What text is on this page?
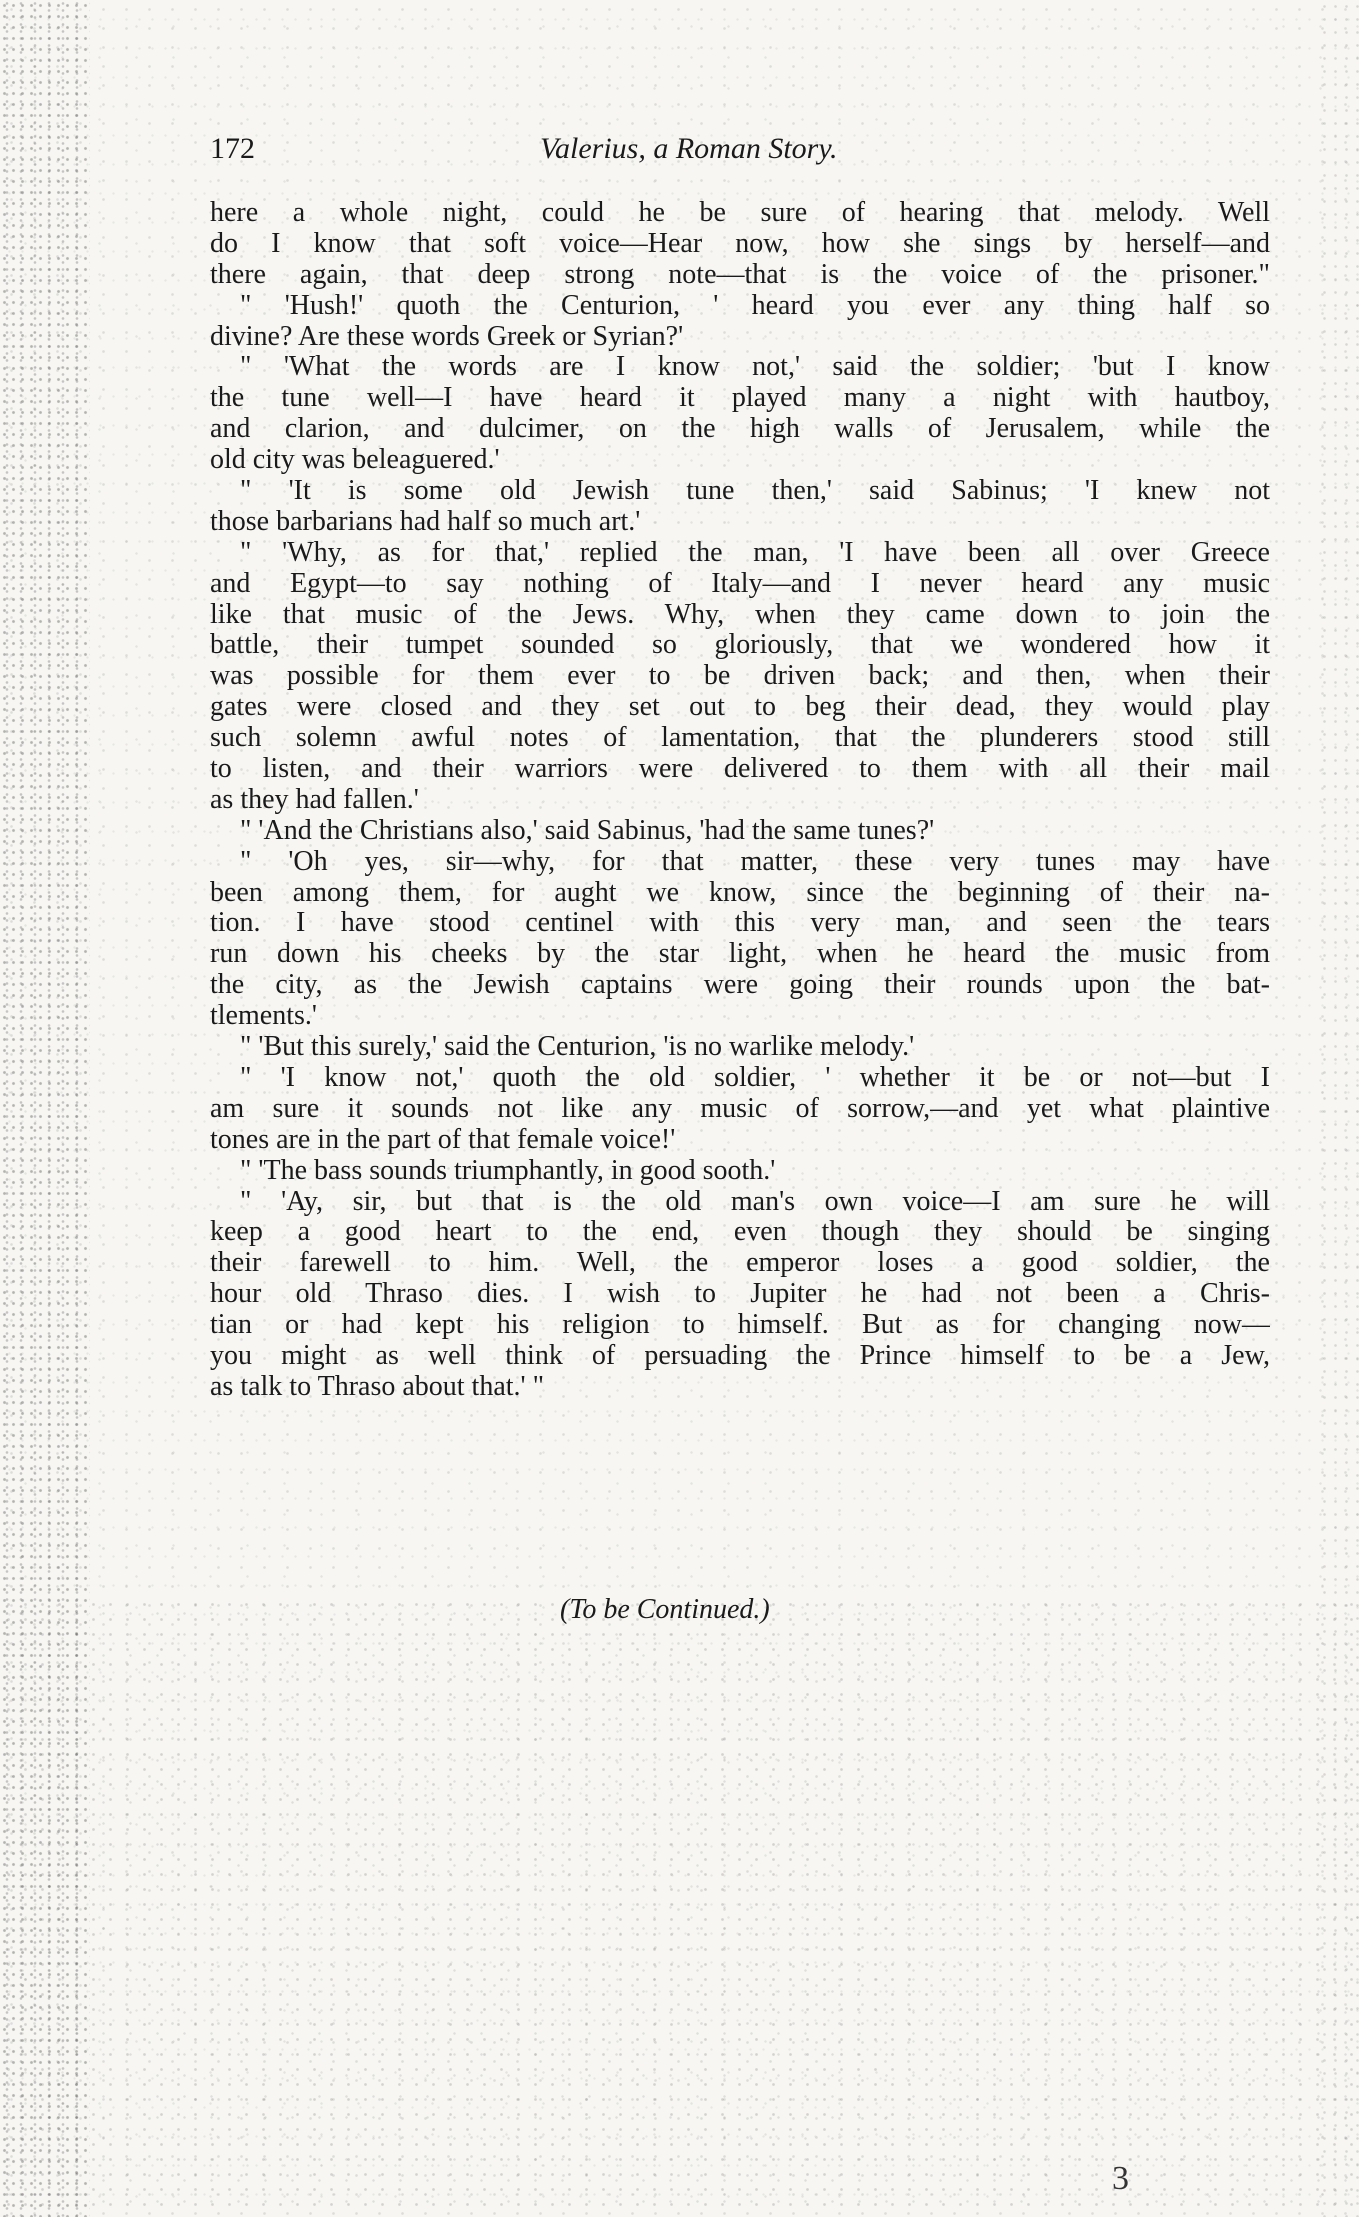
172	Valerius, a Roman Story.
here a whole night, could he be sure of hearing that melody. Well
do I know that soft voice—Hear now, how she sings by herself—and
there again, that deep strong note—that is the voice of the prisoner."
" 'Hush!' quoth the Centurion, ' heard you ever any thing half so
divine? Are these words Greek or Syrian?'
" 'What the words are I know not,' said the soldier; 'but I know
the tune well—I have heard it played many a night with hautboy,
and clarion, and dulcimer, on the high walls of Jerusalem, while the
old city was beleaguered.'
" 'It is some old Jewish tune then,' said Sabinus; 'I knew not
those barbarians had half so much art.'
" 'Why, as for that,' replied the man, 'I have been all over Greece
and Egypt—to say nothing of Italy—and I never heard any music
like that music of the Jews. Why, when they came down to join the
battle, their tumpet sounded so gloriously, that we wondered how it
was possible for them ever to be driven back; and then, when their
gates were closed and they set out to beg their dead, they would play
such solemn awful notes of lamentation, that the plunderers stood still
to listen, and their warriors were delivered to them with all their mail
as they had fallen.'
" 'And the Christians also,' said Sabinus, 'had the same tunes?'
" 'Oh yes, sir—why, for that matter, these very tunes may have
been among them, for aught we know, since the beginning of their na-
tion. I have stood centinel with this very man, and seen the tears
run down his cheeks by the star light, when he heard the music from
the city, as the Jewish captains were going their rounds upon the bat-
tlements.'
" 'But this surely,' said the Centurion, 'is no warlike melody.'
" 'I know not,' quoth the old soldier, ' whether it be or not—but I
am sure it sounds not like any music of sorrow,—and yet what plaintive
tones are in the part of that female voice!'
" 'The bass sounds triumphantly, in good sooth.'
" 'Ay, sir, but that is the old man's own voice—I am sure he will
keep a good heart to the end, even though they should be singing
their farewell to him. Well, the emperor loses a good soldier, the
hour old Thraso dies. I wish to Jupiter he had not been a Chris-
tian or had kept his religion to himself. But as for changing now—
you might as well think of persuading the Prince himself to be a Jew,
as talk to Thraso about that.' "
(To be Continued.)
3
